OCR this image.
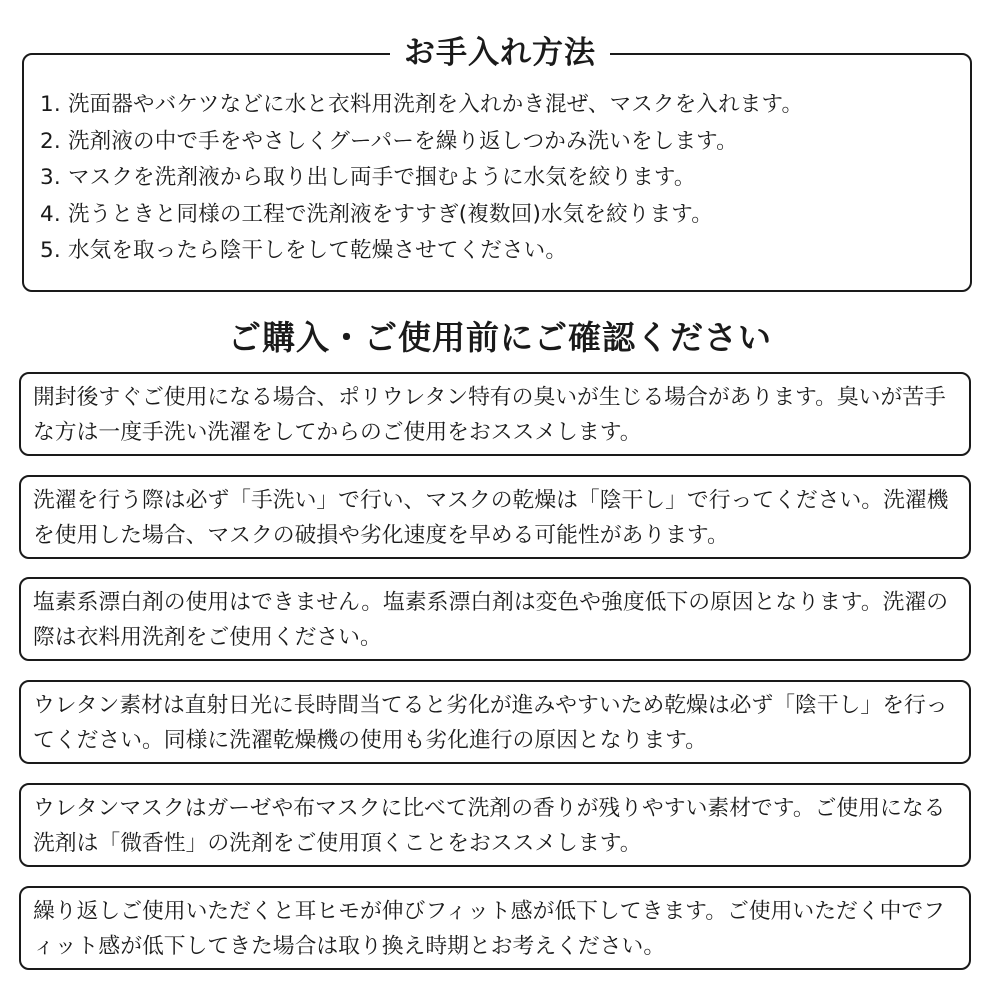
お手入れ方法
1. 洗面器やバケツなどに水と衣料用洗剤を入れかき混ぜ、マスクを入れます。
2. 洗剤液の中で手をやさしくグーパーを繰り返しつかみ洗いをします。
3. マスクを洗剤液から取り出し両手で掴むように水気を絞ります。
4. 洗うときと同様の工程で洗剤液をすすぎ(複数回)水気を絞ります。
5. 水気を取ったら陰干しをして乾燥させてください。
ご購入・ご使用前にご確認ください
開封後すぐご使用になる場合、ポリウレタン特有の臭いが生じる場合があります。臭いが苦手な方は一度手洗い洗濯をしてからのご使用をおススメします。
洗濯を行う際は必ず「手洗い」で行い、マスクの乾燥は「陰干し」で行ってください。洗濯機を使用した場合、マスクの破損や劣化速度を早める可能性があります。
塩素系漂白剤の使用はできません。塩素系漂白剤は変色や強度低下の原因となります。洗濯の際は衣料用洗剤をご使用ください。
ウレタン素材は直射日光に長時間当てると劣化が進みやすいため乾燥は必ず「陰干し」を行ってください。同様に洗濯乾燥機の使用も劣化進行の原因となります。
ウレタンマスクはガーゼや布マスクに比べて洗剤の香りが残りやすい素材です。ご使用になる洗剤は「微香性」の洗剤をご使用頂くことをおススメします。
繰り返しご使用いただくと耳ヒモが伸びフィット感が低下してきます。ご使用いただく中でフィット感が低下してきた場合は取り換え時期とお考えください。
